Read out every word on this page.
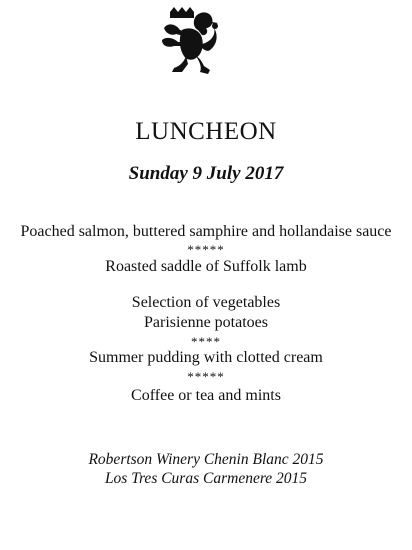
LUNCHEON
Sunday 9 July 2017
Poached salmon, buttered samphire and hollandaise sauce
*****
Roasted saddle of Suffolk lamb
Selection of vegetables
Parisienne potatoes
****
Summer pudding with clotted cream
*****
Coffee or tea and mints
Robertson Winery Chenin Blanc 2015
Los Tres Curas Carmenere 2015
